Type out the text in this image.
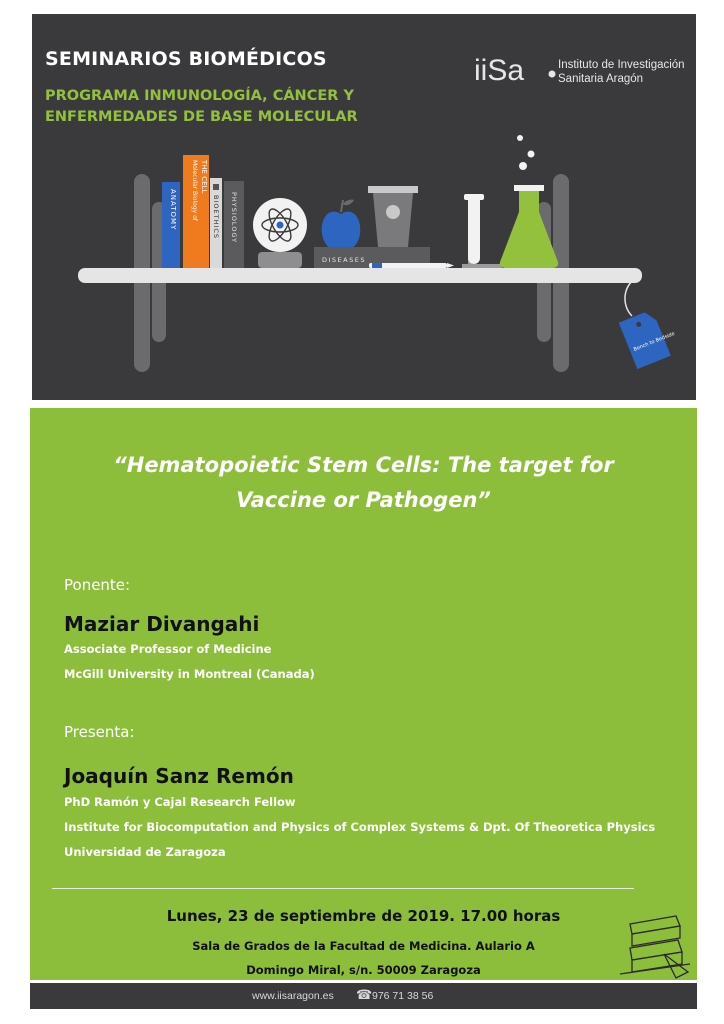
SEMINARIOS BIOMÉDICOS
PROGRAMA INMUNOLOGÍA, CÁNCER Y
ENFERMEDADES DE BASE MOLECULAR
iiSa	Instituto de Investigación
Sanitaria Aragón
ANATOMY Molecular Biology of THE CELL
BIOETHICS PHYSIOLOGY
DISEASES
Bench to Bedside
“Hematopoietic Stem Cells: The target for
Vaccine or Pathogen”
Ponente:
Maziar Divangahi
Associate Professor of Medicine
McGill University in Montreal (Canada)
Presenta:
Joaquín Sanz Remón
PhD Ramón y Cajal Research Fellow
Institute for Biocomputation and Physics of Complex Systems & Dpt. Of Theoretica Physics
Universidad de Zaragoza
Lunes, 23 de septiembre de 2019. 17.00 horas
Sala de Grados de la Facultad de Medicina. Aulario A
Domingo Miral, s/n. 50009 Zaragoza
www.iisaragon.es ☎ 976 71 38 56
